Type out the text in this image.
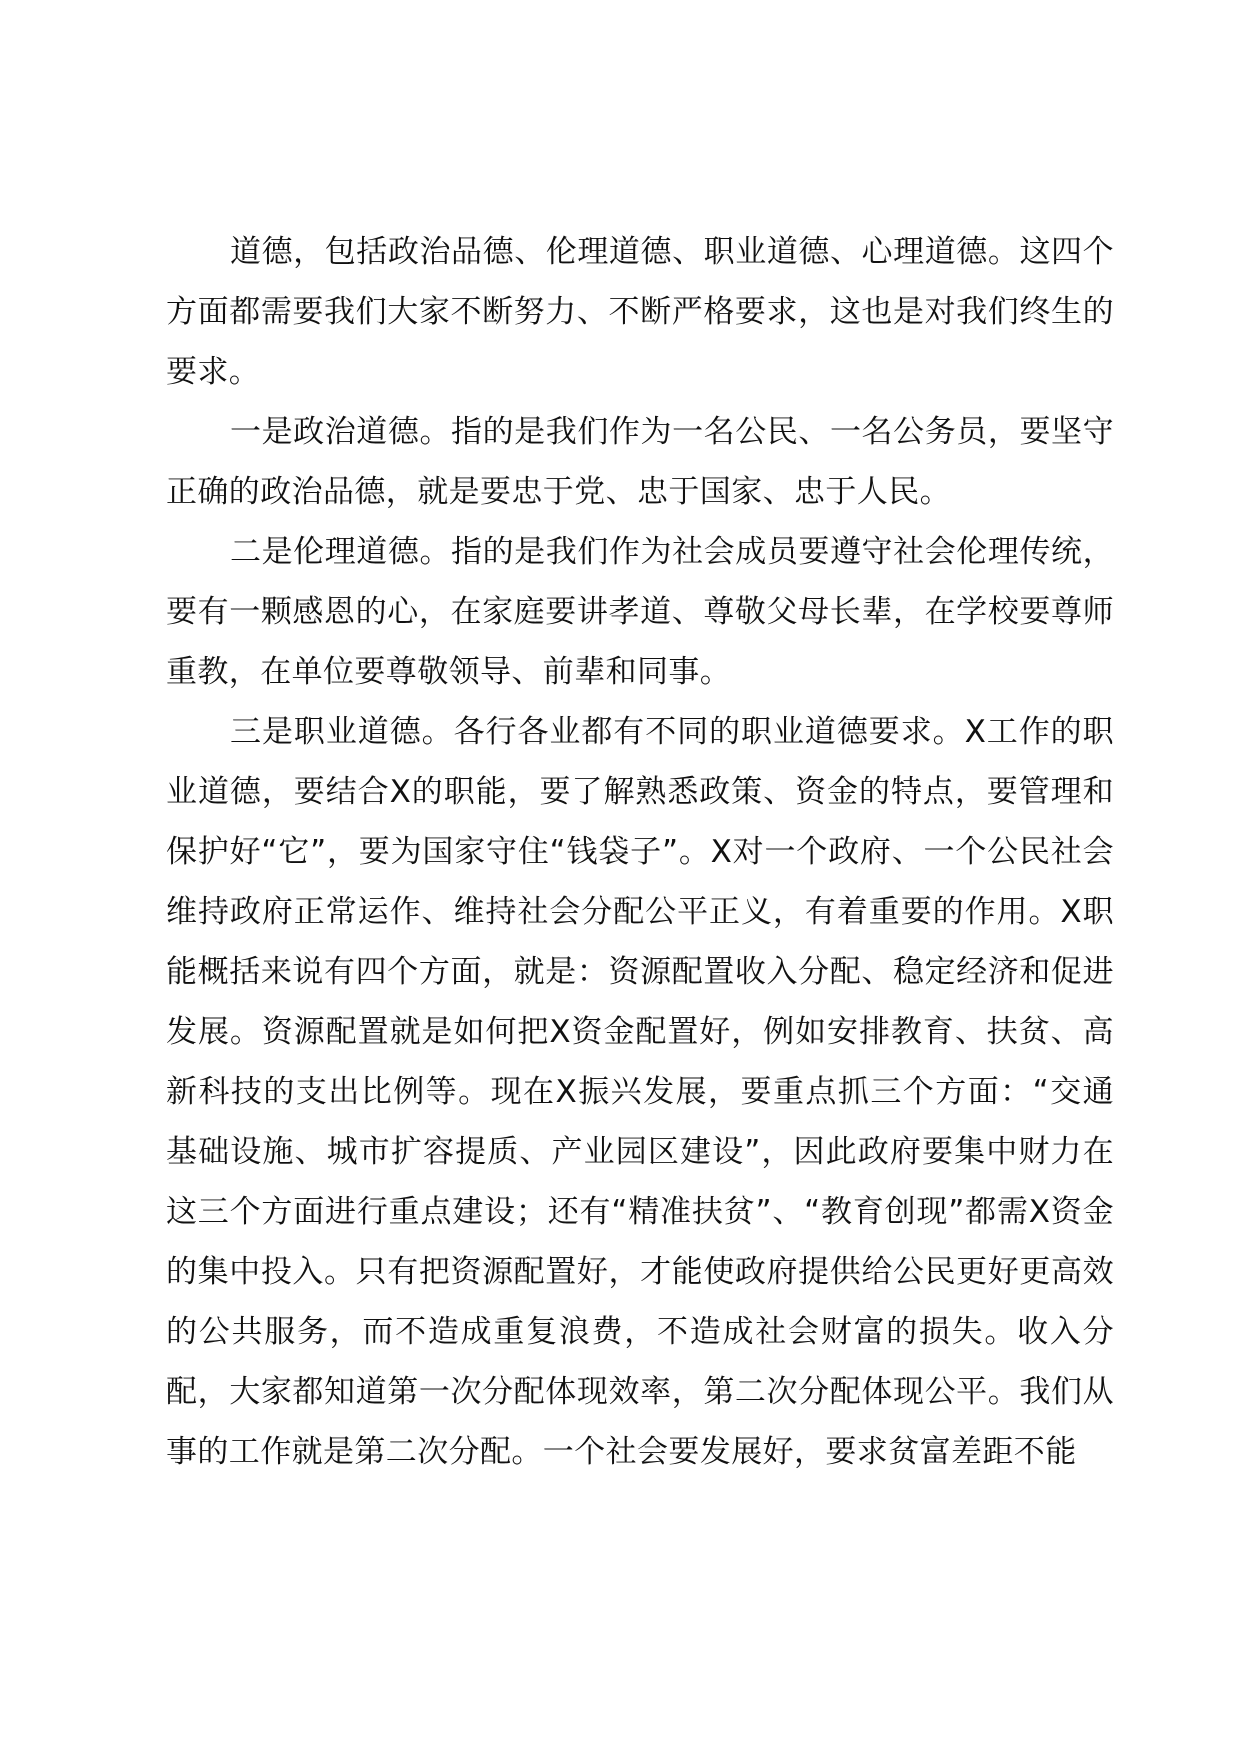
道德，包括政治品德、伦理道德、职业道德、心理道德。这四个方面都需要我们大家不断努力、不断严格要求，这也是对我们终生的要求。

一是政治道德。指的是我们作为一名公民、一名公务员，要坚守正确的政治品德，就是要忠于党、忠于国家、忠于人民。

二是伦理道德。指的是我们作为社会成员要遵守社会伦理传统，要有一颗感恩的心，在家庭要讲孝道、尊敬父母长辈，在学校要尊师重教，在单位要尊敬领导、前辈和同事。

三是职业道德。各行各业都有不同的职业道德要求。X工作的职业道德，要结合X的职能，要了解熟悉政策、资金的特点，要管理和保护好“它”，要为国家守住“钱袋子”。X对一个政府、一个公民社会维持政府正常运作、维持社会分配公平正义，有着重要的作用。X职能概括来说有四个方面，就是：资源配置收入分配、稳定经济和促进发展。资源配置就是如何把X资金配置好，例如安排教育、扶贫、高新科技的支出比例等。现在X振兴发展，要重点抓三个方面：“交通基础设施、城市扩容提质、产业园区建设”，因此政府要集中财力在这三个方面进行重点建设；还有“精准扶贫”、“教育创现”都需X资金的集中投入。只有把资源配置好，才能使政府提供给公民更好更高效的公共服务，而不造成重复浪费，不造成社会财富的损失。收入分配，大家都知道第一次分配体现效率，第二次分配体现公平。我们从事的工作就是第二次分配。一个社会要发展好，要求贫富差距不能
